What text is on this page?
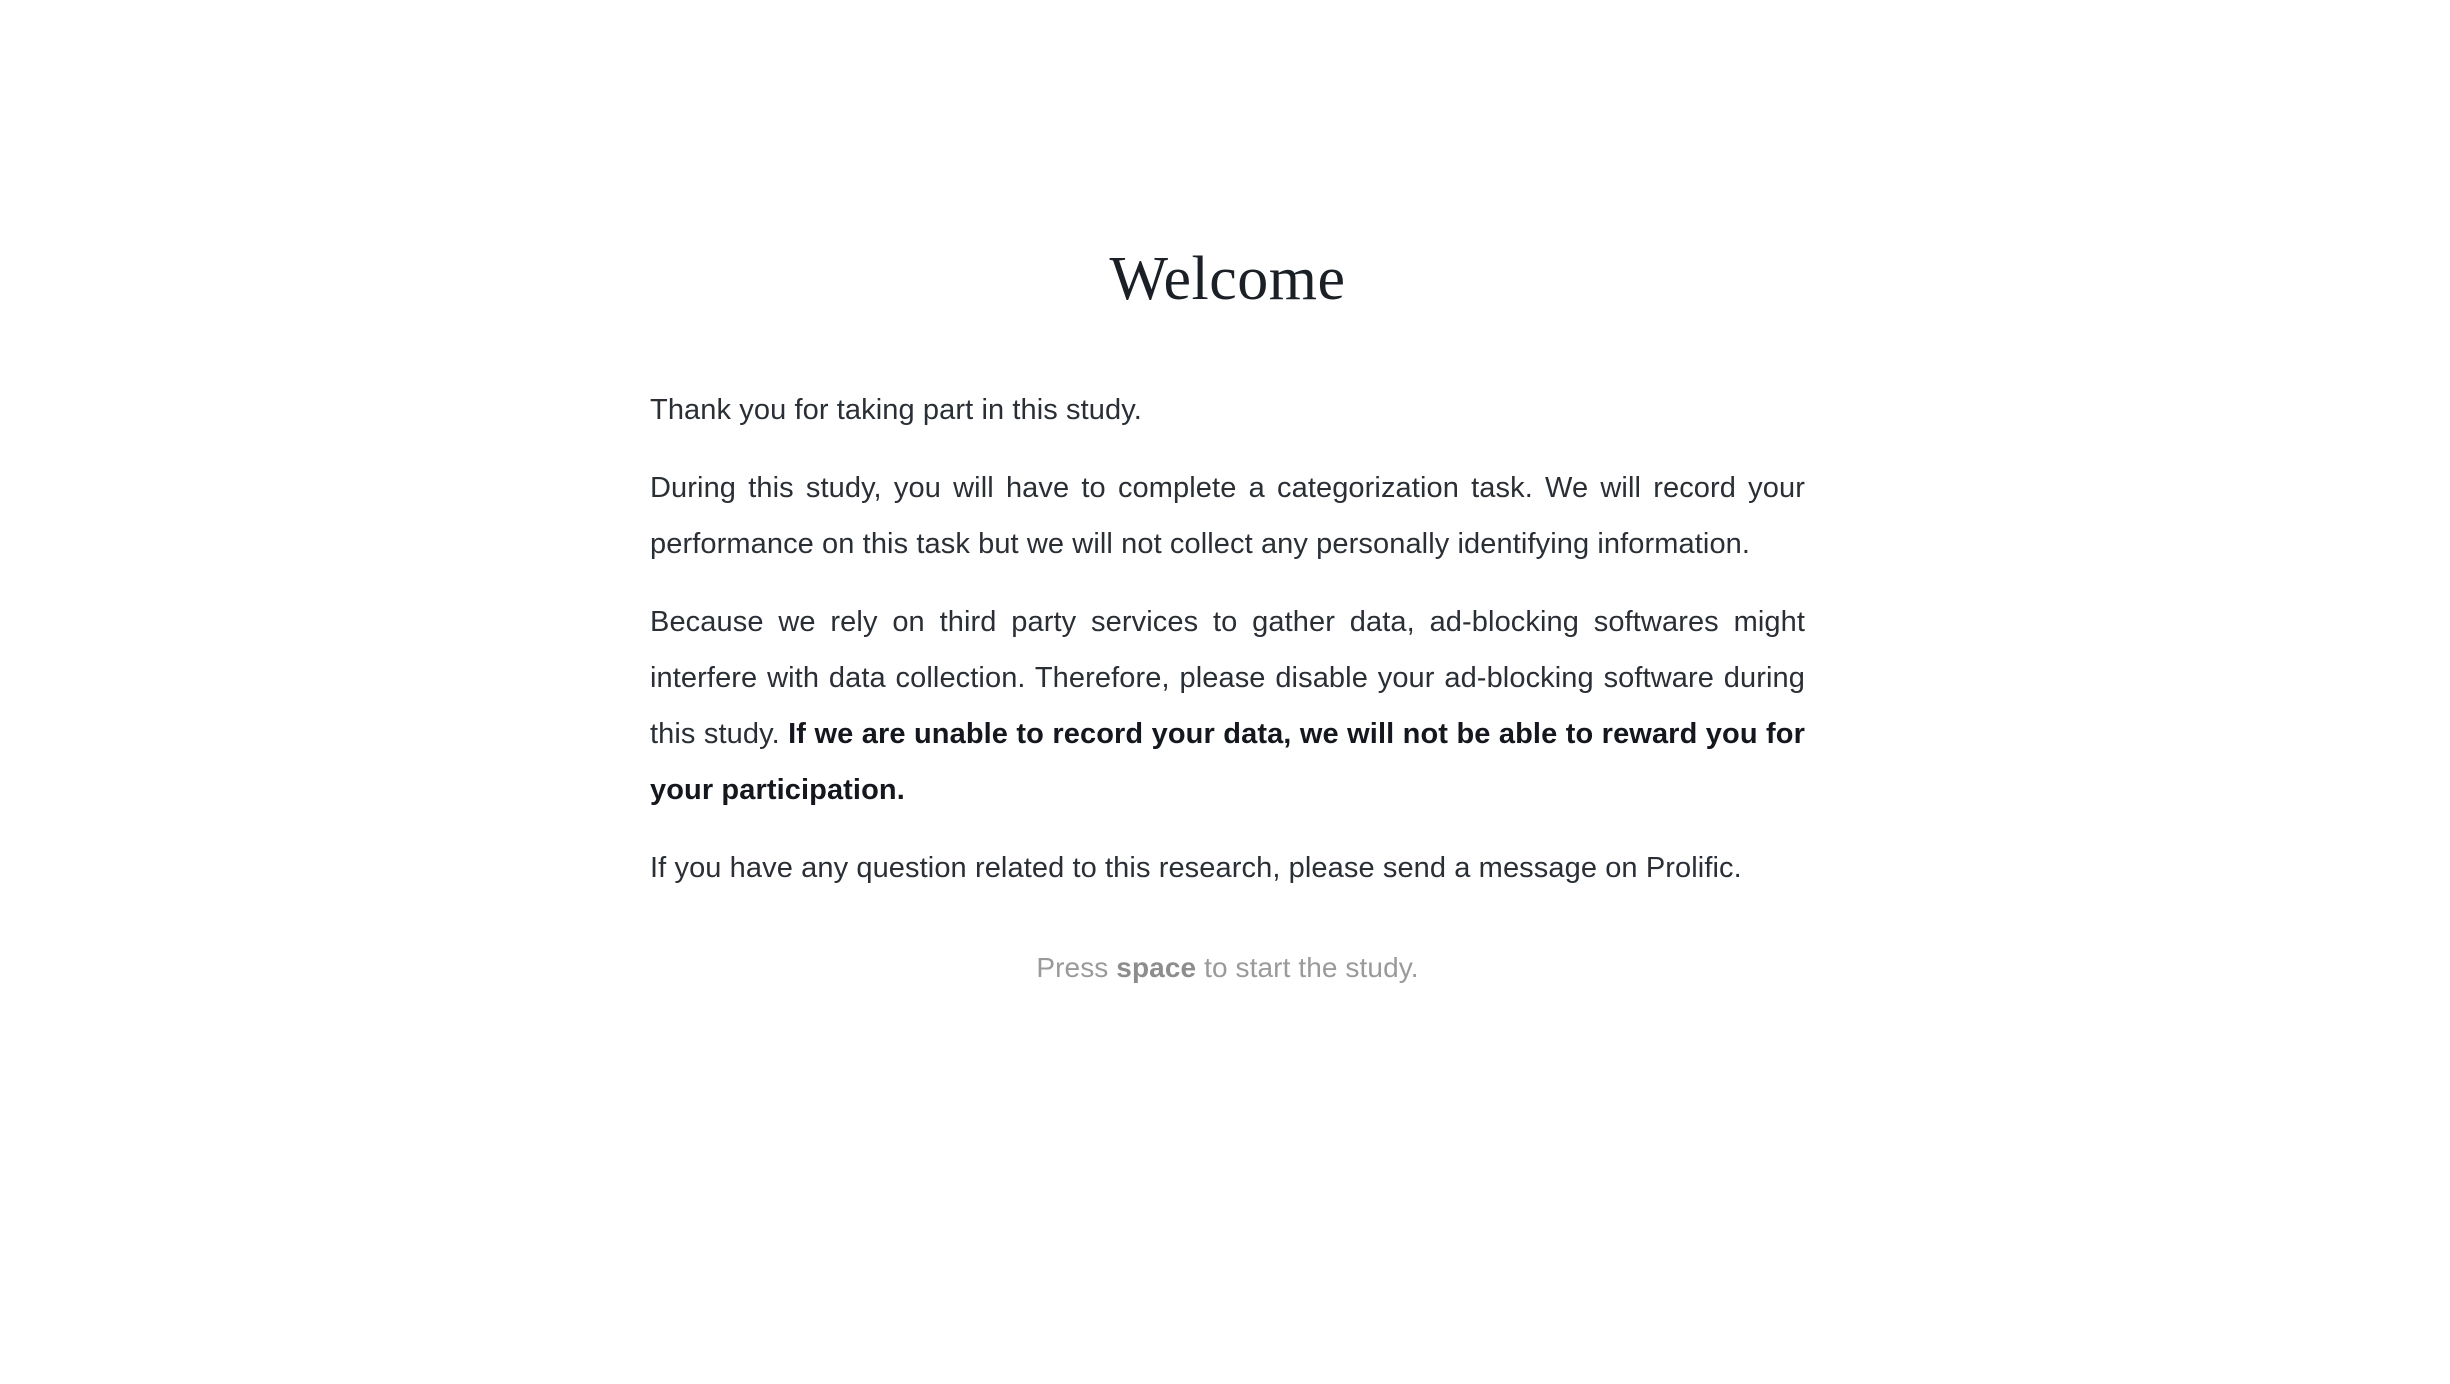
Welcome

Thank you for taking part in this study.

During this study, you will have to complete a categorization task. We will record your performance on this task but we will not collect any personally identifying information.

Because we rely on third party services to gather data, ad-blocking softwares might interfere with data collection. Therefore, please disable your ad-blocking software during this study. If we are unable to record your data, we will not be able to reward you for your participation.

If you have any question related to this research, please send a message on Prolific.

Press space to start the study.
